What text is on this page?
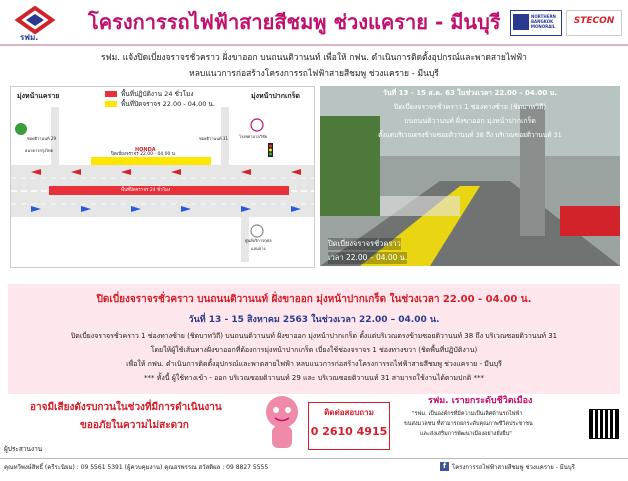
รฟม.
โครงการรถไฟฟ้าสายสีชมพู ช่วงแคราย - มีนบุรี	NORTHERN BANGKOK MONORAIL
STECON
รฟม. แจ้งปิดเบี่ยงจราจรชั่วคราว ฝั่งขาออก บนถนนติวานนท์ เพื่อให้ กฟน. ดำเนินการติดตั้งอุปกรณ์และพาดสายไฟฟ้า
หลบแนวการก่อสร้างโครงการรถไฟฟ้าสายสีชมพู ช่วงแคราย - มีนบุรี
มุ่งหน้าแคราย	มุ่งหน้าปากเกร็ด
พื้นที่ปฏิบัติงาน 24 ชั่วโมง
พื้นที่ปิดจราจร 22.00 - 04.00 น.
ปิดเบี่ยงจราจร 22.00 - 04.00 น.
พื้นที่ปิดจราจร 24 ชั่วโมง
ซอยติวานนท์ 29	ซอยติวานนท์ 31
HONDA
โรงพยาบาลวิชัย
ธนาคารกรุงไทย
ศูนย์บริการกุศล
แลนบ่าง
วันที่ 13 - 15 ส.ค. 63 ในช่วงเวลา 22.00 – 04.00 น.
ปิดเบี่ยงจราจรชั่วคราว 1 ช่องทางซ้าย (ชิดบาทวิถี)
บนถนนติวานนท์ ฝั่งขาออก มุ่งหน้าปากเกร็ด
ตั้งแต่บริเวณตรงข้ามซอยติวานนท์ 38 ถึง บริเวณซอยติวานนท์ 31
ปิดเบี่ยงจราจรชั่วคราว
เวลา 22.00 – 04.00 น.
ปิดเบี่ยงจราจรชั่วคราว บนถนนติวานนท์ ฝั่งขาออก มุ่งหน้าปากเกร็ด ในช่วงเวลา 22.00 - 04.00 น.
วันที่ 13 - 15 สิงหาคม 2563 ในช่วงเวลา 22.00 – 04.00 น.
ปิดเบี่ยงจราจรชั่วคราว 1 ช่องทางซ้าย (ชิดบาทวิถี) บนถนนติวานนท์ ฝั่งขาออก มุ่งหน้าปากเกร็ด ตั้งแต่บริเวณตรงข้ามซอยติวานนท์ 38 ถึง บริเวณซอยติวานนท์ 31
โดยให้ผู้ใช้เส้นทางฝั่งขาออกที่ต้องการมุ่งหน้าปากเกร็ด เบี่ยงใช้ช่องจราจร 1 ช่องทางขวา (ชิดพื้นที่ปฏิบัติงาน)
เพื่อให้ กฟน. ดำเนินการติดตั้งอุปกรณ์และพาดสายไฟฟ้า หลบแนวการก่อสร้างโครงการรถไฟฟ้าสายสีชมพู ช่วงแคราย - มีนบุรี
*** ทั้งนี้ ผู้ใช้ทางเข้า - ออก บริเวณซอยติวานนท์ 29 และ บริเวณซอยติวานนท์ 31 สามารถใช้งานได้ตามปกติ ***
อาจมีเสียงดังรบกวนในช่วงที่มีการดำเนินงาน
ขออภัยในความไม่สะดวก
ผู้ประสานงาน
ติดต่อสอบถาม
0 2610 4915
รฟม. เรายกระดับชีวิตเมือง
"รฟม. เป็นองค์กรที่มีความเป็นเลิศด้านรถไฟฟ้า
ขนส่งมวลชน ที่สามารถยกระดับคุณภาพชีวิตประชาชน
และส่งเสริมการพัฒนาเมืองอย่างยั่งยืน"
คุณทวีพงษ์สิทธิ์ (ครีระนิยม) : 09 5561 5391 (ผู้ควบคุมงาน) คุณอรพรรณ สวัสดิผล : 09 8827 5555	f โครงการรถไฟฟ้าสายสีชมพู ช่วงแคราย - มีนบุรี
